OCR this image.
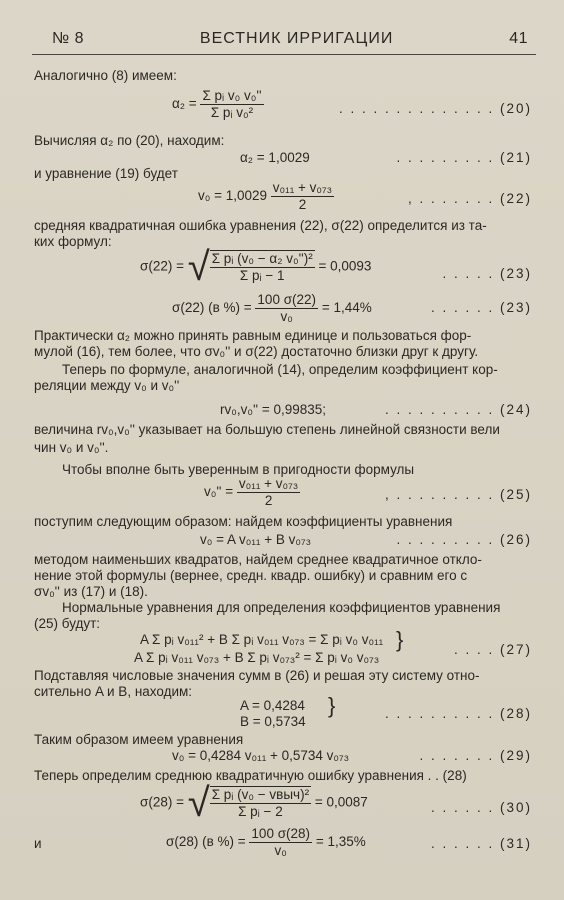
№ 8	ВЕСТНИК ИРРИГАЦИИ	41
Аналогично (8) имеем:
$\alpha_2 = \frac{\text{Σ pᵢ v₀ v₀''}}{\text{Σ pᵢ v₀²}}$	. . . . . . . . . . . . . . (20)
Вычисляя α₂ по (20), находим:
α₂ = 1,0029	. . . . . . . . . (21)
и уравнение (19) будет
$v_0 = 1,0029 \frac{\text{v₀₁₁ + v₀₇₃}}{2}$	, . . . . . . . (22)
средняя квадратичная ошибка уравнения (22), σ(22) определится из та-
ких формул:
σ(22) = √ $\frac{\text{Σ pᵢ (v₀ − α₂ v₀'')²}}{\text{Σ pᵢ − 1}} = 0,0093$	. . . . . (23)
σ(22) (в %) = $\frac{100 \sigma(22)}{\text{v₀}} = 1,44\%$	. . . . . . (23)
Практически α₂ можно принять равным единице и пользоваться фор-
мулой (16), тем более, что σv₀'' и σ(22) достаточно близки друг к другу.
Теперь по формуле, аналогичной (14), определим коэффициент кор-
реляции между v₀ и v₀''
rv₀,v₀'' = 0,99835;	. . . . . . . . . . (24)
величина rv₀,v₀'' указывает на большую степень линейной связности вели
чин v₀ и v₀''.
Чтобы вполне быть уверенным в пригодности формулы
$v_0'' = \frac{\text{v₀₁₁ + v₀₇₃}}{2}$	, . . . . . . . . . (25)
поступим следующим образом: найдем коэффициенты уравнения
v₀ = A v₀₁₁ + B v₀₇₃	. . . . . . . . . (26)
методом наименьших квадратов, найдем среднее квадратичное откло-
нение этой формулы (вернее, средн. квадр. ошибку) и сравним его с
σv₀'' из (17) и (18).
Нормальные уравнения для определения коэффициентов уравнения
(25) будут:
A Σ pᵢ v₀₁₁² + B Σ pᵢ v₀₁₁ v₀₇₃ = Σ pᵢ v₀ v₀₁₁
A Σ pᵢ v₀₁₁ v₀₇₃ + B Σ pᵢ v₀₇₃² = Σ pᵢ v₀ v₀₇₃
}	. . . . (27)
Подставляя числовые значения сумм в (26) и решая эту систему отно-
сительно A и B, находим:
A = 0,4284
B = 0,5734
}	. . . . . . . . . . (28)
Таким образом имеем уравнения
v₀ = 0,4284 v₀₁₁ + 0,5734 v₀₇₃	. . . . . . . (29)
Теперь определим среднюю квадратичную ошибку уравнения . . (28)
σ(28) = √ $\frac{\text{Σ pᵢ (v₀ − vвыч)²}}{\text{Σ pᵢ − 2}} = 0,0087$	. . . . . . (30)
и	σ(28) (в %) = $\frac{100 \sigma(28)}{\text{v₀}} = 1,35\%$	. . . . . . (31)
